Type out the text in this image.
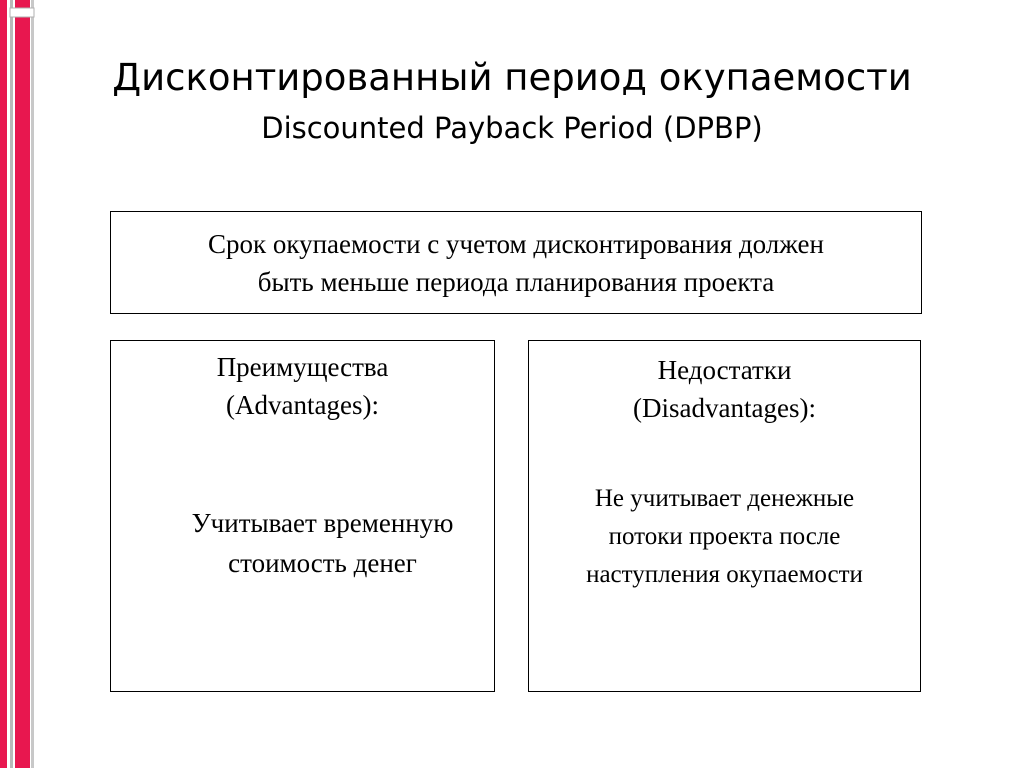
Дисконтированный период окупаемости
Discounted Payback Period (DPBP)
Срок окупаемости с учетом дисконтирования должен
быть меньше периода планирования проекта
Преимущества
(Advantages):
Учитывает временную
стоимость денег
Недостатки
(Disadvantages):
Не учитывает денежные
потоки проекта после
наступления окупаемости
